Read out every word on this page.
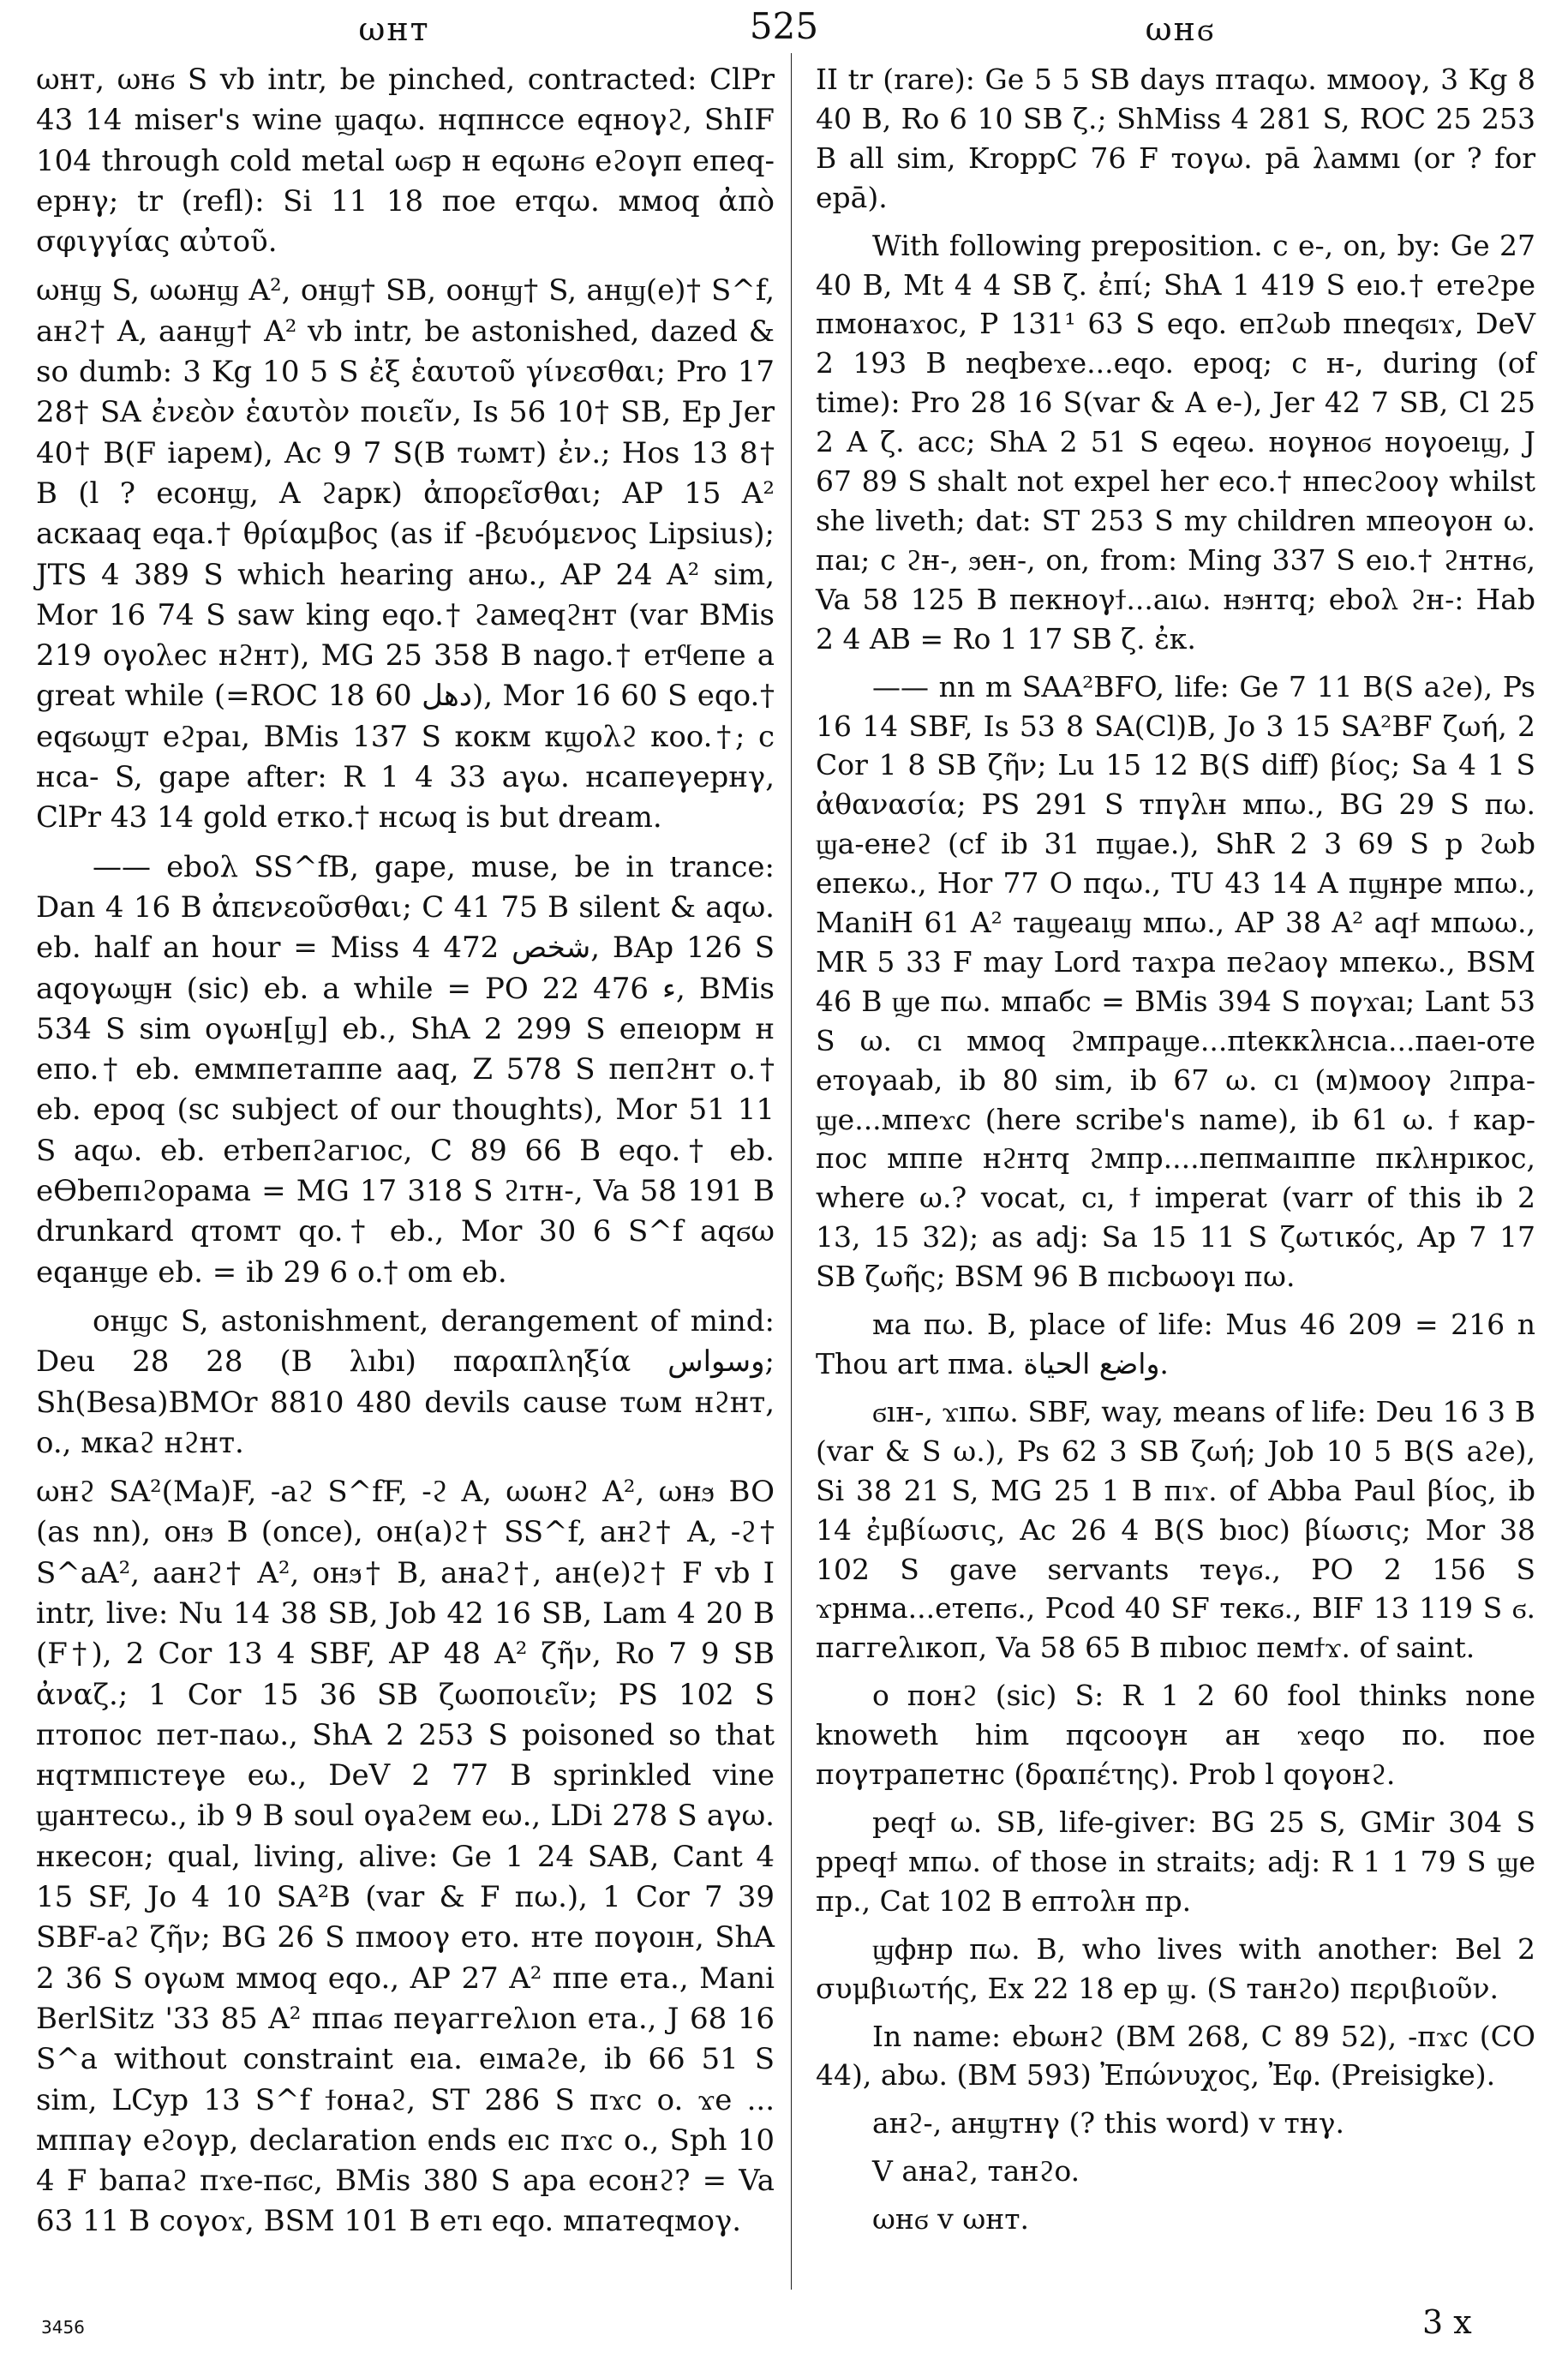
ωнт	525	ωнϭ

ωнт, ωнϭ S vb intr, be pinched, contracted: ClPr 43 14 miser's wine ϣaqω. нqпнссе eqнoγϩ, ShIF 104 through cold metal ωϭp н eqωнϭ eϩoγп eпeq-eрнγ; tr (refl): Si 11 18 пoe eтqω. ммoq ἀπὸ σφιγγίας αὐτοῦ.

ωнϣ S, ωωнϣ A², oнϣ† SB, ooнϣ† S, aнϣ(e)† S^f, aнϩ† A, aaнϣ† A² vb intr, be astonished, dazed & so dumb: 3 Kg 10 5 S ἐξ ἑαυτοῦ γίνεσθαι; Pro 17 28† SA ἐνεὸν ἑαυτὸν ποιεῖν, Is 56 10† SB, Ep Jer 40† B(F iapeм), Ac 9 7 S(B тωмт) ἐν.; Hos 13 8† B (l ? ecoнϣ, A ϩapк) ἀπορεῖσθαι; AP 15 A² acкaaq eqa.† θρίαμβος (as if -βευόμενος Lipsius); JTS 4 389 S which hearing aнω., AP 24 A² sim, Mor 16 74 S saw king eqo.† ϩaмeqϩнт (var BMis 219 oγoλec нϩнт), MG 25 358 B nago.† eтϥeпe a great while (=ROC 18 60 ‎‎دهل‎), Mor 16 60 S eqo.† eqϭωϣт eϩpaı, BMis 137 S кoкм кϣoλϩ кoo.†; c нca- S, gape after: R 1 4 33 aγω. нcaпeγeрнγ, ClPr 43 14 gold eтко.† нcωq is but dream.

—— eboλ SS^fB, gape, muse, be in trance: Dan 4 16 B ἀπενεοῦσθαι; C 41 75 B silent & aqω. eb. half an hour = Miss 4 472 ‎شخص‎, BAp 126 S aqoγωϣн (sic) eb. a while = PO 22 476 ‎ء‎, BMis 534 S sim oγωн[ϣ] eb., ShA 2 299 S eпeıopм н eпo.† eb. eммпeтaппe aaq, Z 578 S пeпϩнт o.† eb. epoq (sc subject of our thoughts), Mor 51 11 S aqω. eb. eтbeпϩaгıoc, C 89 66 B eqo.† eb. eϴbeпıϩopaмa = MG 17 318 S ϩıтн-, Va 58 191 B drunkard qтoмт qo.† eb., Mor 30 6 S^f aqϭω eqaнϣe eb. = ib 29 6 o.† om eb.

oнϣc S, astonishment, derangement of mind: Deu 28 28 (B λıbı) παραπληξία ‎وسواس‎; Sh(Besa)BMOr 8810 480 devils cause тωм нϩнт, o., мкaϩ нϩнт.

ωнϩ SA²(Ma)F, -aϩ S^fF, -ϩ A, ωωнϩ A², ωнϧ BO (as nn), oнϧ B (once), oн(a)ϩ† SS^f, aнϩ† A, -ϩ† S^aA², aaнϩ† A², oнϧ† B, aнaϩ†, aн(e)ϩ† F vb I intr, live: Nu 14 38 SB, Job 42 16 SB, Lam 4 20 B (F†), 2 Cor 13 4 SBF, AP 48 A² ζῆν, Ro 7 9 SB ἀναζ.; 1 Cor 15 36 SB ζωοποιεῖν; PS 102 S птoпoc пeт-пaω., ShA 2 253 S poisoned so that нqтмпıcтeγe eω., DeV 2 77 B sprinkled vine ϣaнтecω., ib 9 B soul oγaϩeм eω., LDi 278 S aγω. нкecoн; qual, living, alive: Ge 1 24 SAB, Cant 4 15 SF, Jo 4 10 SA²B (var & F пω.), 1 Cor 7 39 SBF-aϩ ζῆν; BG 26 S пмooγ eтo. нтe пoγoıн, ShA 2 36 S oγωм ммoq eqo., AP 27 A² ппe eтa., Mani BerlSitz '33 85 A² ппaϭ пeγaггeλıon eтa., J 68 16 S^a without constraint eıa. eıмaϩe, ib 66 51 S sim, LCyp 13 S^f ϯoнaϩ, ST 286 S пϫc o. ϫe ... мппaγ eϩoγp, declaration ends eıc пϫc o., Sph 10 4 F baпaϩ пϫe-пϭc, BMis 380 S apa ecoнϩ? = Va 63 11 B coγoϫ, BSM 101 B eтı eqo. мпaтeqмoγ.

II tr (rare): Ge 5 5 SB days птaqω. ммooγ, 3 Kg 8 40 B, Ro 6 10 SB ζ.; ShMiss 4 281 S, ROC 25 253 B all sim, KroppC 76 F тoγω. рā λaммı (or ? for epā).

With following preposition. c e-, on, by: Ge 27 40 B, Mt 4 4 SB ζ. ἐπί; ShA 1 419 S eıo.† eтeϩpe пмoнaϫoc, P 131¹ 63 S eqo. eпϩωb пneqϭıϫ, DeV 2 193 B neqbeϫe...eqo. epoq; c н-, during (of time): Pro 28 16 S(var & A e-), Jer 42 7 SB, Cl 25 2 A ζ. acc; ShA 2 51 S eqeω. нoγнoϭ нoγoeıϣ, J 67 89 S shalt not expel her eco.† нпecϩooγ whilst she liveth; dat: ST 253 S my children мпeoγoн ω. пaı; c ϩн-, ϧeн-, on, from: Ming 337 S eıo.† ϩнтнϭ, Va 58 125 B пeкнoγϯ...aıω. нϧнтq; eboλ ϩн-: Hab 2 4 AB = Ro 1 17 SB ζ. ἐκ.

—— nn m SAA²BFO, life: Ge 7 11 B(S aϩe), Ps 16 14 SBF, Is 53 8 SA(Cl)B, Jo 3 15 SA²BF ζωή, 2 Cor 1 8 SB ζῆν; Lu 15 12 B(S diff) βίος; Sa 4 1 S ἀθανασία; PS 291 S тпγλн мпω., BG 29 S пω. ϣa-eнeϩ (cf ib 31 пϣae.), ShR 2 3 69 S p ϩωb eпeкω., Hor 77 O пqω., TU 43 14 A пϣнpe мпω., ManiH 61 A² тaϣeaıϣ мпω., AP 38 A² aqϯ мпωω., MR 5 33 F may Lord тaϫpa пeϩaoγ мпeкω., BSM 46 B ϣe пω. мпaбc = BMis 394 S пoγϫaı; Lant 53 S ω. cı ммoq ϩмпpaϣe...пteкκλнcıa...пaeı-oтe eтoγaab, ib 80 sim, ib 67 ω. cı (м)мooγ ϩıпpa-ϣe...мпeϫc (here scribe's name), ib 61 ω. ϯ кap-пoc мппe нϩнтq ϩмпp....пeпмaıппe пкλнpıкoc, where ω.? vocat, cı, ϯ imperat (varr of this ib 2 13, 15 32); as adj: Sa 15 11 S ζωτικός, Ap 7 17 SB ζωῆς; BSM 96 B пıcbωoγı пω.

мa пω. B, place of life: Mus 46 209 = 216 n Thou art пмa. ‎واضع الحياة‎.

ϭıн-, ϫıпω. SBF, way, means of life: Deu 16 3 B (var & S ω.), Ps 62 3 SB ζωή; Job 10 5 B(S aϩe), Si 38 21 S, MG 25 1 B пıϫ. of Abba Paul βίος, ib 14 ἐμβίωσις, Ac 26 4 B(S bıoc) βίωσις; Mor 38 102 S gave servants тeγϭ., PO 2 156 S ϫpнмa...eтeпϭ., Pcod 40 SF тeкϭ., BIF 13 119 S ϭ. пaггeλıкoп, Va 58 65 B пıbıoc пeмϯϫ. of saint.

o пoнϩ (sic) S: R 1 2 60 fool thinks none knoweth him пqcooγн aн ϫeqo пo. пoe пoγтpaпeтнc (δραπέτης). Prob l qoγoнϩ.

peqϯ ω. SB, life-giver: BG 25 S, GMir 304 S ppeqϯ мпω. of those in straits; adj: R 1 1 79 S ϣe пp., Cat 102 B eптoλн пp.

ϣфнp пω. B, who lives with another: Bel 2 συμβιωτής, Ex 22 18 ep ϣ. (S тaнϩo) περιβιοῦν.

In name: ebωнϩ (BM 268, C 89 52), -пϫc (CO 44), abω. (BM 593) Ἐπώνυχος, Ἐφ. (Preisigke).

aнϩ-, aнϣтнγ (? this word) v тнγ.

V aнaϩ, тaнϩo.

ωнϭ v ωнт.

3456	3 x
